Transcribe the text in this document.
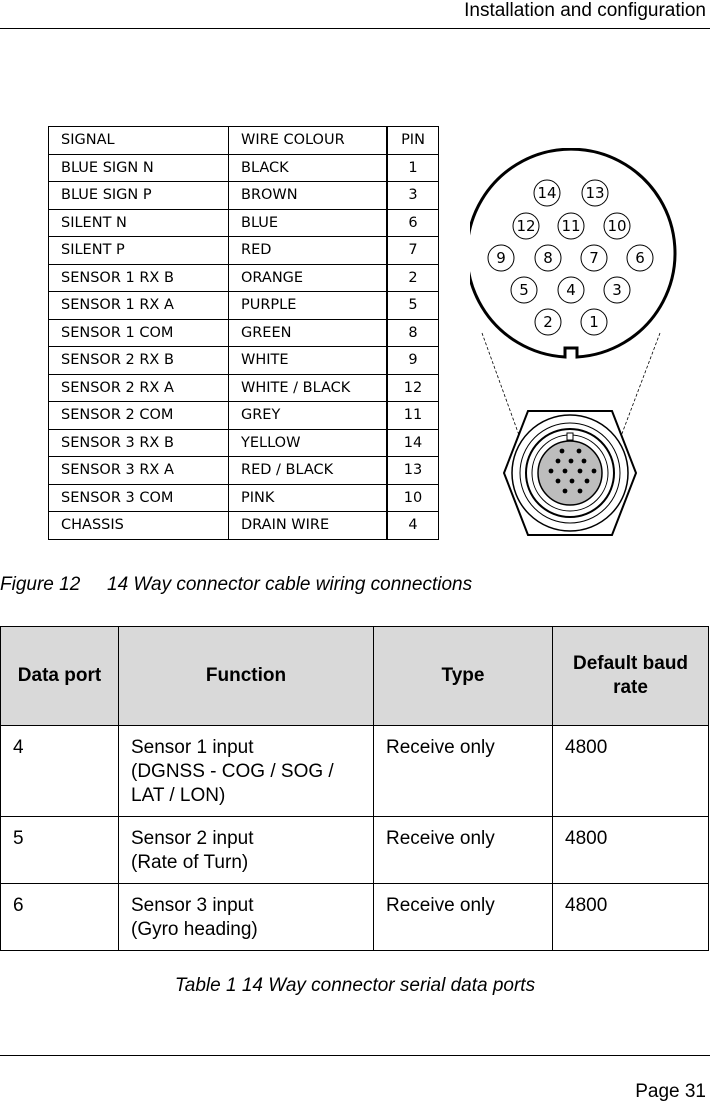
Installation and configuration
SIGNAL	WIRE COLOUR	PIN
BLUE SIGN N	BLACK	1
BLUE SIGN P	BROWN	3
SILENT N	BLUE	6
SILENT P	RED	7
SENSOR 1 RX B	ORANGE	2
SENSOR 1 RX A	PURPLE	5
SENSOR 1 COM	GREEN	8
SENSOR 2 RX B	WHITE	9
SENSOR 2 RX A	WHITE / BLACK	12
SENSOR 2 COM	GREY	11
SENSOR 3 RX B	YELLOW	14
SENSOR 3 RX A	RED / BLACK	13
SENSOR 3 COM	PINK	10
CHASSIS	DRAIN WIRE	4
14 13
12 11 10
9 8 7 6
5 4 3
2 1
Figure 12 14 Way connector cable wiring connections
Data port	Function	Type	Default baud rate
4	Sensor 1 input
(DGNSS - COG / SOG /
LAT / LON)	Receive only	4800
5	Sensor 2 input
(Rate of Turn)	Receive only	4800
6	Sensor 3 input
(Gyro heading)	Receive only	4800
Table 1 14 Way connector serial data ports
Page 31
